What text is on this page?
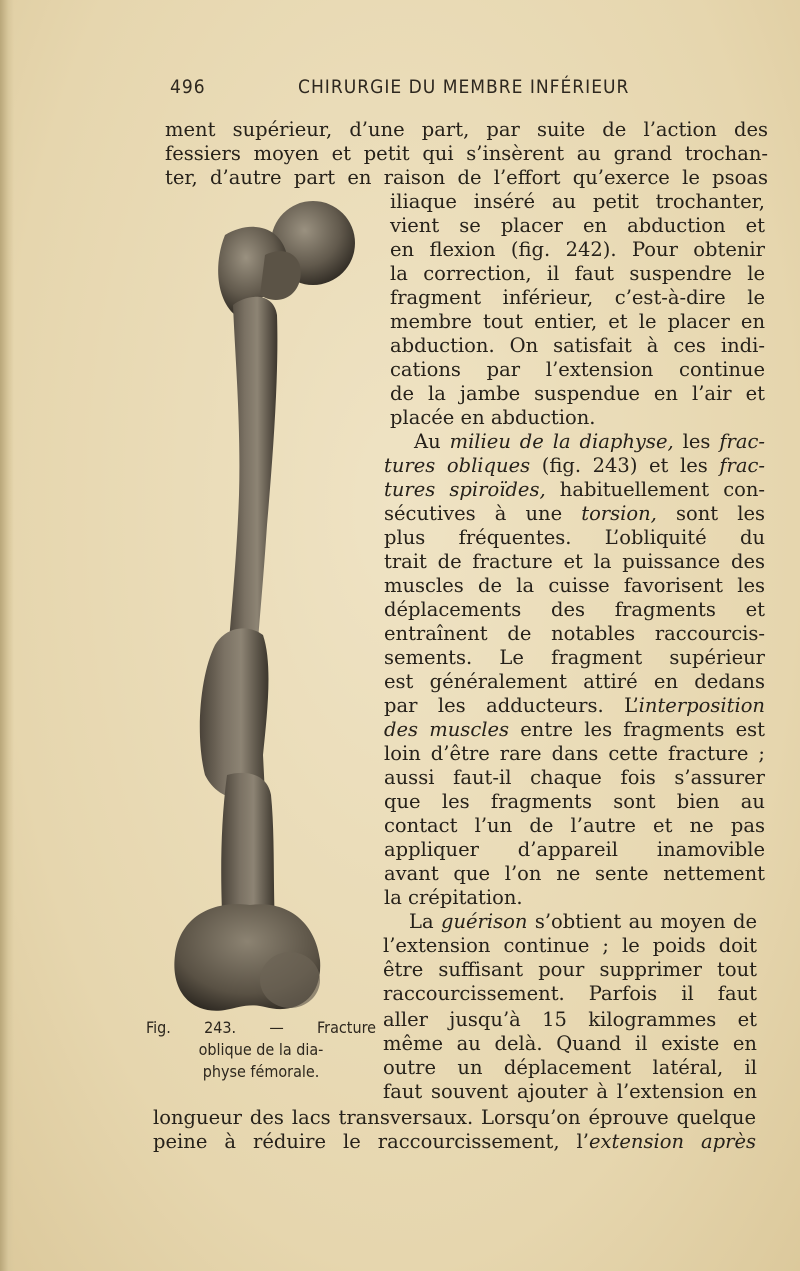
496	CHIRURGIE DU MEMBRE INFÉRIEUR
ment supérieur, d’une part, par suite de l’action des
fessiers moyen et petit qui s’insèrent au grand trochan-
ter, d’autre part en raison de l’effort qu’exerce le psoas
iliaque inséré au petit trochanter,
vient se placer en abduction et
en flexion (fig. 242). Pour obtenir
la correction, il faut suspendre le
fragment inférieur, c’est-à-dire le
membre tout entier, et le placer en
abduction. On satisfait à ces indi-
cations par l’extension continue
de la jambe suspendue en l’air et
placée en abduction.
Au milieu de la diaphyse, les frac-
tures obliques (fig. 243) et les frac-
tures spiroïdes, habituellement con-
sécutives à une torsion, sont les
plus fréquentes. L’obliquité du
trait de fracture et la puissance des
muscles de la cuisse favorisent les
déplacements des fragments et
entraînent de notables raccourcis-
sements. Le fragment supérieur
est généralement attiré en dedans
par les adducteurs. L’interposition
des muscles entre les fragments est
loin d’être rare dans cette fracture ;
aussi faut-il chaque fois s’assurer
que les fragments sont bien au
contact l’un de l’autre et ne pas
appliquer d’appareil inamovible
avant que l’on ne sente nettement
la crépitation.
La guérison s’obtient au moyen de
l’extension continue ; le poids doit
être suffisant pour supprimer tout
raccourcissement. Parfois il faut
aller jusqu’à 15 kilogrammes et
même au delà. Quand il existe en
outre un déplacement latéral, il
faut souvent ajouter à l’extension en
longueur des lacs transversaux. Lorsqu’on éprouve quelque
peine à réduire le raccourcissement, l’extension après
Fig. 243. — Fracture
oblique de la dia-
physe fémorale.
